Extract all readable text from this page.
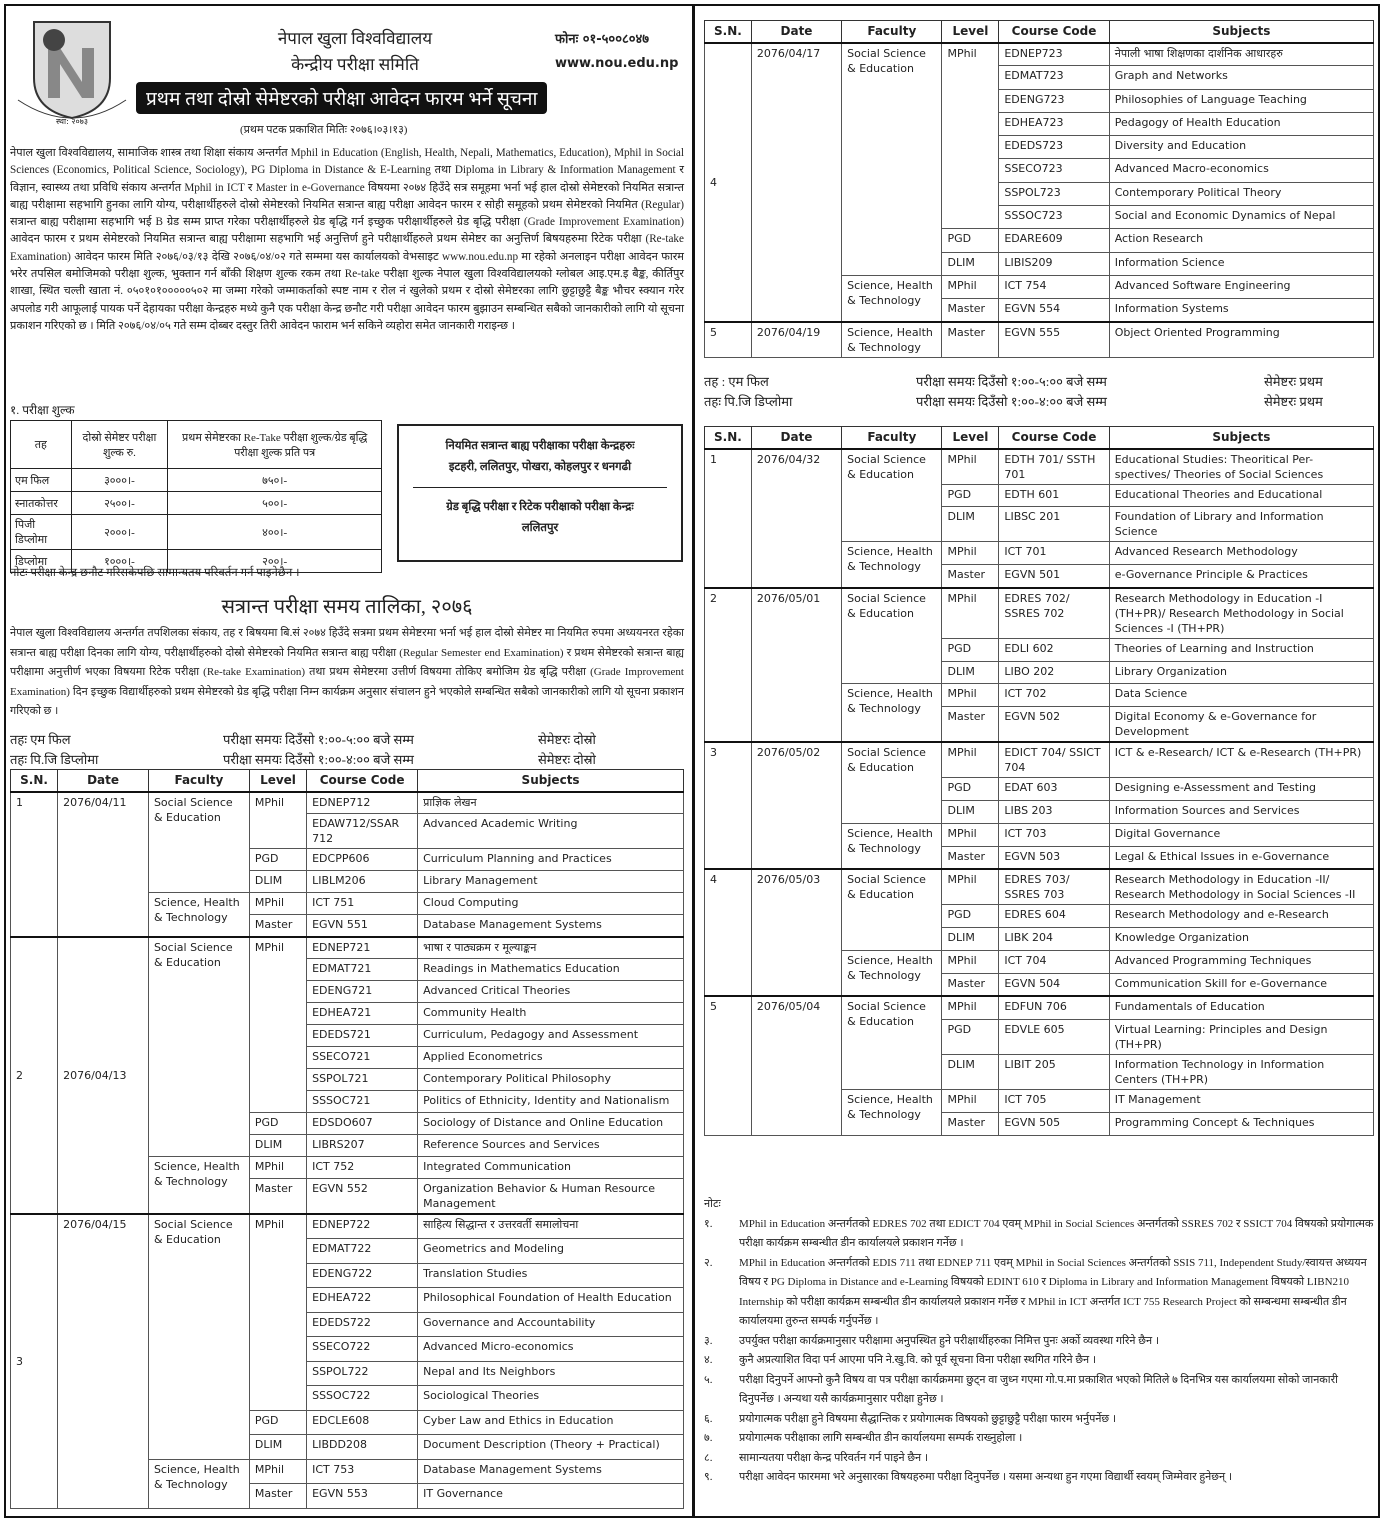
स्था: २०७३
नेपाल खुला विश्वविद्यालय
केन्द्रीय परीक्षा समिति
प्रथम तथा दोस्रो सेमेष्टरको परीक्षा आवेदन फारम भर्ने सूचना
फोनः ०१-५००८०४७
www.nou.edu.np
(प्रथम पटक प्रकाशित मितिः २०७६।०३।१३)
नेपाल खुला विश्वविद्यालय, सामाजिक शास्त्र तथा शिक्षा संकाय अन्तर्गत Mphil in Education (English, Health, Nepali, Mathematics, Education), Mphil in Social Sciences (Economics, Political Science, Sociology), PG Diploma in Distance & E-Learning तथा Diploma in Library & Information Management र विज्ञान, स्वास्थ्य तथा प्रविधि संकाय अन्तर्गत Mphil in ICT र Master in e-Governance विषयमा २०७४ हिउँदे सत्र समूहमा भर्ना भई हाल दोस्रो सेमेष्टरको नियमित सत्रान्त बाह्य परीक्षामा सहभागि हुनका लागि योग्य, परीक्षार्थीहरुले दोस्रो सेमेष्टरको नियमित सत्रान्त बाह्य परीक्षा आवेदन फारम र सोही समूहको प्रथम सेमेष्टरको नियमित (Regular) सत्रान्त बाह्य परीक्षामा सहभागि भई B ग्रेड सम्म प्राप्त गरेका परीक्षार्थीहरुले ग्रेड बृद्धि गर्न इच्छुक परीक्षार्थीहरुले ग्रेड बृद्धि परीक्षा (Grade Improvement Examination) आवेदन फारम र प्रथम सेमेष्टरको नियमित सत्रान्त बाह्य परीक्षामा सहभागि भई अनुत्तिर्ण हुने परीक्षार्थीहरुले प्रथम सेमेष्टर का अनुत्तिर्ण बिषयहरुमा रिटेक परीक्षा (Re-take Examination) आवेदन फारम मिति २०७६/०३/१३ देखि २०७६/०४/०२ गते सम्ममा यस कार्यालयको वेभसाइट www.nou.edu.np मा रहेको अनलाइन परीक्षा आवेदन फारम भरेर तपसिल बमोजिमको परीक्षा शुल्क, भुक्तान गर्न बाँकी शिक्षण शुल्क रकम तथा Re-take परीक्षा शुल्क नेपाल खुला विश्वविद्यालयको ग्लोबल आइ.एम.इ बैङ्क, कीर्तिपुर शाखा, स्थित चल्ती खाता नं. ०५०१०१०००००५०२ मा जम्मा गरेको जम्माकर्ताको स्पष्ट नाम र रोल नं खुलेको प्रथम र दोस्रो सेमेष्टरका लागि छुट्टाछुट्टै बैङ्क भौचर स्क्यान गरेर अपलोड गरी आफूलाई पायक पर्ने देहायका परीक्षा केन्द्रहरु मध्ये कुनै एक परीक्षा केन्द्र छनौट गरी परीक्षा आवेदन फारम बुझाउन सम्बन्धित सबैको जानकारीको लागि यो सूचना प्रकाशन गरिएको छ । मिति २०७६/०४/०५ गते सम्म दोब्बर दस्तुर तिरी आवेदन फाराम भर्न सकिने व्यहोरा समेत जानकारी गराइन्छ ।
१. परीक्षा शुल्क
तह	दोस्रो सेमेष्टर परीक्षा शुल्क रु.	प्रथम सेमेष्टरका Re-Take परीक्षा शुल्क/ग्रेड बृद्धि परीक्षा शुल्क प्रति पत्र
एम फिल	३०००।-	७५०।-
स्नातकोत्तर	२५००।-	५००।-
पिजी डिप्लोमा	२०००।-	४००।-
डिप्लोमा	१०००।-	२००।-
नियमित सत्रान्त बाह्य परीक्षाका परीक्षा केन्द्रहरुः
इटहरी, ललितपुर, पोखरा, कोहलपुर र धनगढी
ग्रेड बृद्धि परीक्षा र रिटेक परीक्षाको परीक्षा केन्द्रः
ललितपुर
नोटः परीक्षा केन्द्र छनौट गरिसकेपछि सामान्यतय परिवर्तन गर्न पाइनेछैन ।
सत्रान्त परीक्षा समय तालिका, २०७६
नेपाल खुला विश्वविद्यालय अन्तर्गत तपशिलका संकाय, तह र बिषयमा बि.सं २०७४ हिउँदे सत्रमा प्रथम सेमेष्टरमा भर्ना भई हाल दोस्रो सेमेष्टर मा नियमित रुपमा अध्ययनरत रहेका सत्रान्त बाह्य परीक्षा दिनका लागि योग्य, परीक्षार्थीहरुको दोस्रो सेमेष्टरको नियमित सत्रान्त बाह्य परीक्षा (Regular Semester end Examination) र प्रथम सेमेष्टरको सत्रान्त बाह्य परीक्षामा अनुत्तीर्ण भएका विषयमा रिटेक परीक्षा (Re-take Examination) तथा प्रथम सेमेष्टरमा उत्तीर्ण विषयमा तोकिए बमोजिम ग्रेड बृद्धि परीक्षा (Grade Improvement Examination) दिन इच्छुक विद्यार्थीहरुको प्रथम सेमेष्टरको ग्रेड बृद्धि परीक्षा निम्न कार्यक्रम अनुसार संचालन हुने भएकोले सम्बन्धित सबैको जानकारीको लागि यो सूचना प्रकाशन गरिएको छ ।
तहः एम फिल	परीक्षा समयः दिउँसो १:००-५:०० बजे सम्म	सेमेष्टरः दोस्रो
तहः पि.जि डिप्लोमा	परीक्षा समयः दिउँसो १:००-४:०० बजे सम्म	सेमेष्टरः दोस्रो
S.N.	Date	Faculty	Level	Course Code	Subjects
1	2076/04/11	Social Science & Education	MPhil	EDNEP712	प्राज्ञिक लेखन
				EDAW712/SSAR 712	Advanced Academic Writing
			PGD	EDCPP606	Curriculum Planning and Practices
			DLIM	LIBLM206	Library Management
		Science, Health & Technology	MPhil	ICT 751	Cloud Computing
			Master	EGVN 551	Database Management Systems
2	2076/04/13	Social Science & Education	MPhil	EDNEP721	भाषा र पाठ्यक्रम र मूल्याङ्कन
				EDMAT721	Readings in Mathematics Education
				EDENG721	Advanced Critical Theories
				EDHEA721	Community Health
				EDEDS721	Curriculum, Pedagogy and Assessment
				SSECO721	Applied Econometrics
				SSPOL721	Contemporary Political Philosophy
				SSSOC721	Politics of Ethnicity, Identity and Nationalism
			PGD	EDSDO607	Sociology of Distance and Online Education
			DLIM	LIBRS207	Reference Sources and Services
		Science, Health & Technology	MPhil	ICT 752	Integrated Communication
			Master	EGVN 552	Organization Behavior & Human Resource Management
3	2076/04/15	Social Science & Education	MPhil	EDNEP722	साहित्य सिद्धान्त र उत्तरवर्ती समालोचना
				EDMAT722	Geometrics and Modeling
				EDENG722	Translation Studies
				EDHEA722	Philosophical Foundation of Health Education
				EDEDS722	Governance and Accountability
				SSECO722	Advanced Micro-economics
				SSPOL722	Nepal and Its Neighbors
				SSSOC722	Sociological Theories
			PGD	EDCLE608	Cyber Law and Ethics in Education
			DLIM	LIBDD208	Document Description (Theory + Practical)
		Science, Health & Technology	MPhil	ICT 753	Database Management Systems
			Master	EGVN 553	IT Governance
S.N.	Date	Faculty	Level	Course Code	Subjects
4	2076/04/17	Social Science & Education	MPhil	EDNEP723	नेपाली भाषा शिक्षणका दार्शनिक आधारहरु
				EDMAT723	Graph and Networks
				EDENG723	Philosophies of Language Teaching
				EDHEA723	Pedagogy of Health Education
				EDEDS723	Diversity and Education
				SSECO723	Advanced Macro-economics
				SSPOL723	Contemporary Political Theory
				SSSOC723	Social and Economic Dynamics of Nepal
			PGD	EDARE609	Action Research
			DLIM	LIBIS209	Information Science
		Science, Health & Technology	MPhil	ICT 754	Advanced Software Engineering
			Master	EGVN 554	Information Systems
5	2076/04/19	Science, Health & Technology	Master	EGVN 555	Object Oriented Programming
तह : एम फिल	परीक्षा समयः दिउँसो १:००-५:०० बजे सम्म	सेमेष्टरः प्रथम
तहः पि.जि डिप्लोमा	परीक्षा समयः दिउँसो १:००-४:०० बजे सम्म	सेमेष्टरः प्रथम
S.N.	Date	Faculty	Level	Course Code	Subjects
1	2076/04/32	Social Science & Education	MPhil	EDTH 701/ SSTH 701	Educational Studies: Theoritical Per-spectives/ Theories of Social Sciences
			PGD	EDTH 601	Educational Theories and Educational
			DLIM	LIBSC 201	Foundation of Library and Information Science
		Science, Health & Technology	MPhil	ICT 701	Advanced Research Methodology
			Master	EGVN 501	e-Governance Principle & Practices
2	2076/05/01	Social Science & Education	MPhil	EDRES 702/ SSRES 702	Research Methodology in Education -I (TH+PR)/ Research Methodology in Social Sciences -I (TH+PR)
			PGD	EDLI 602	Theories of Learning and Instruction
			DLIM	LIBO 202	Library Organization
		Science, Health & Technology	MPhil	ICT 702	Data Science
			Master	EGVN 502	Digital Economy & e-Governance for Development
3	2076/05/02	Social Science & Education	MPhil	EDICT 704/ SSICT 704	ICT & e-Research/ ICT & e-Research (TH+PR)
			PGD	EDAT 603	Designing e-Assessment and Testing
			DLIM	LIBS 203	Information Sources and Services
		Science, Health & Technology	MPhil	ICT 703	Digital Governance
			Master	EGVN 503	Legal & Ethical Issues in e-Governance
4	2076/05/03	Social Science & Education	MPhil	EDRES 703/ SSRES 703	Research Methodology in Education -II/ Research Methodology in Social Sciences -II
			PGD	EDRES 604	Research Methodology and e-Research
			DLIM	LIBK 204	Knowledge Organization
		Science, Health & Technology	MPhil	ICT 704	Advanced Programming Techniques
			Master	EGVN 504	Communication Skill for e-Governance
5	2076/05/04	Social Science & Education	MPhil	EDFUN 706	Fundamentals of Education
			PGD	EDVLE 605	Virtual Learning: Principles and Design (TH+PR)
			DLIM	LIBIT 205	Information Technology in Information Centers (TH+PR)
		Science, Health & Technology	MPhil	ICT 705	IT Management
			Master	EGVN 505	Programming Concept & Techniques
नोटः
१.	MPhil in Education अन्तर्गतको EDRES 702 तथा EDICT 704 एवम् MPhil in Social Sciences अन्तर्गतको SSRES 702 र SSICT 704 विषयको प्रयोगात्मक परीक्षा कार्यक्रम सम्बन्धीत डीन कार्यालयले प्रकाशन गर्नेछ ।
२.	MPhil in Education अन्तर्गतको EDIS 711 तथा EDNEP 711 एवम् MPhil in Social Sciences अन्तर्गतको SSIS 711, Independent Study/स्वायत्त अध्ययन विषय र PG Diploma in Distance and e-Learning विषयको EDINT 610 र Diploma in Library and Information Management विषयको LIBN210 Internship को परीक्षा कार्यक्रम सम्बन्धीत डीन कार्यालयले प्रकाशन गर्नेछ र MPhil in ICT अन्तर्गत ICT 755 Research Project को सम्बन्धमा सम्बन्धीत डीन कार्यालयमा तुरुन्त सम्पर्क गर्नुपर्नेछ ।
३.	उपर्युक्त परीक्षा कार्यक्रमानुसार परीक्षामा अनुपस्थित हुने परीक्षार्थीहरुका निमित्त पुनः अर्को व्यवस्था गरिने छैन ।
४.	कुनै अप्रत्याशित विदा पर्न आएमा पनि ने.खु.वि. को पूर्व सूचना विना परीक्षा स्थगित गरिने छैन ।
५.	परीक्षा दिनुपर्ने आफ्नो कुनै विषय वा पत्र परीक्षा कार्यक्रममा छुट्न वा जुध्न गएमा गो.प.मा प्रकाशित भएको मितिले ७ दिनभित्र यस कार्यालयमा सोको जानकारी दिनुपर्नेछ । अन्यथा यसै कार्यक्रमानुसार परीक्षा हुनेछ ।
६.	प्रयोगात्मक परीक्षा हुने विषयमा सैद्धान्तिक र प्रयोगात्मक विषयको छुट्टाछुट्टै परीक्षा फारम भर्नुपर्नेछ ।
७.	प्रयोगात्मक परीक्षाका लागि सम्बन्धीत डीन कार्यालयमा सम्पर्क राख्नुहोला ।
८.	सामान्यतया परीक्षा केन्द्र परिवर्तन गर्न पाइने छैन ।
९.	परीक्षा आवेदन फारममा भरे अनुसारका विषयहरुमा परीक्षा दिनुपर्नेछ । यसमा अन्यथा हुन गएमा विद्यार्थी स्वयम् जिम्मेवार हुनेछन् ।
